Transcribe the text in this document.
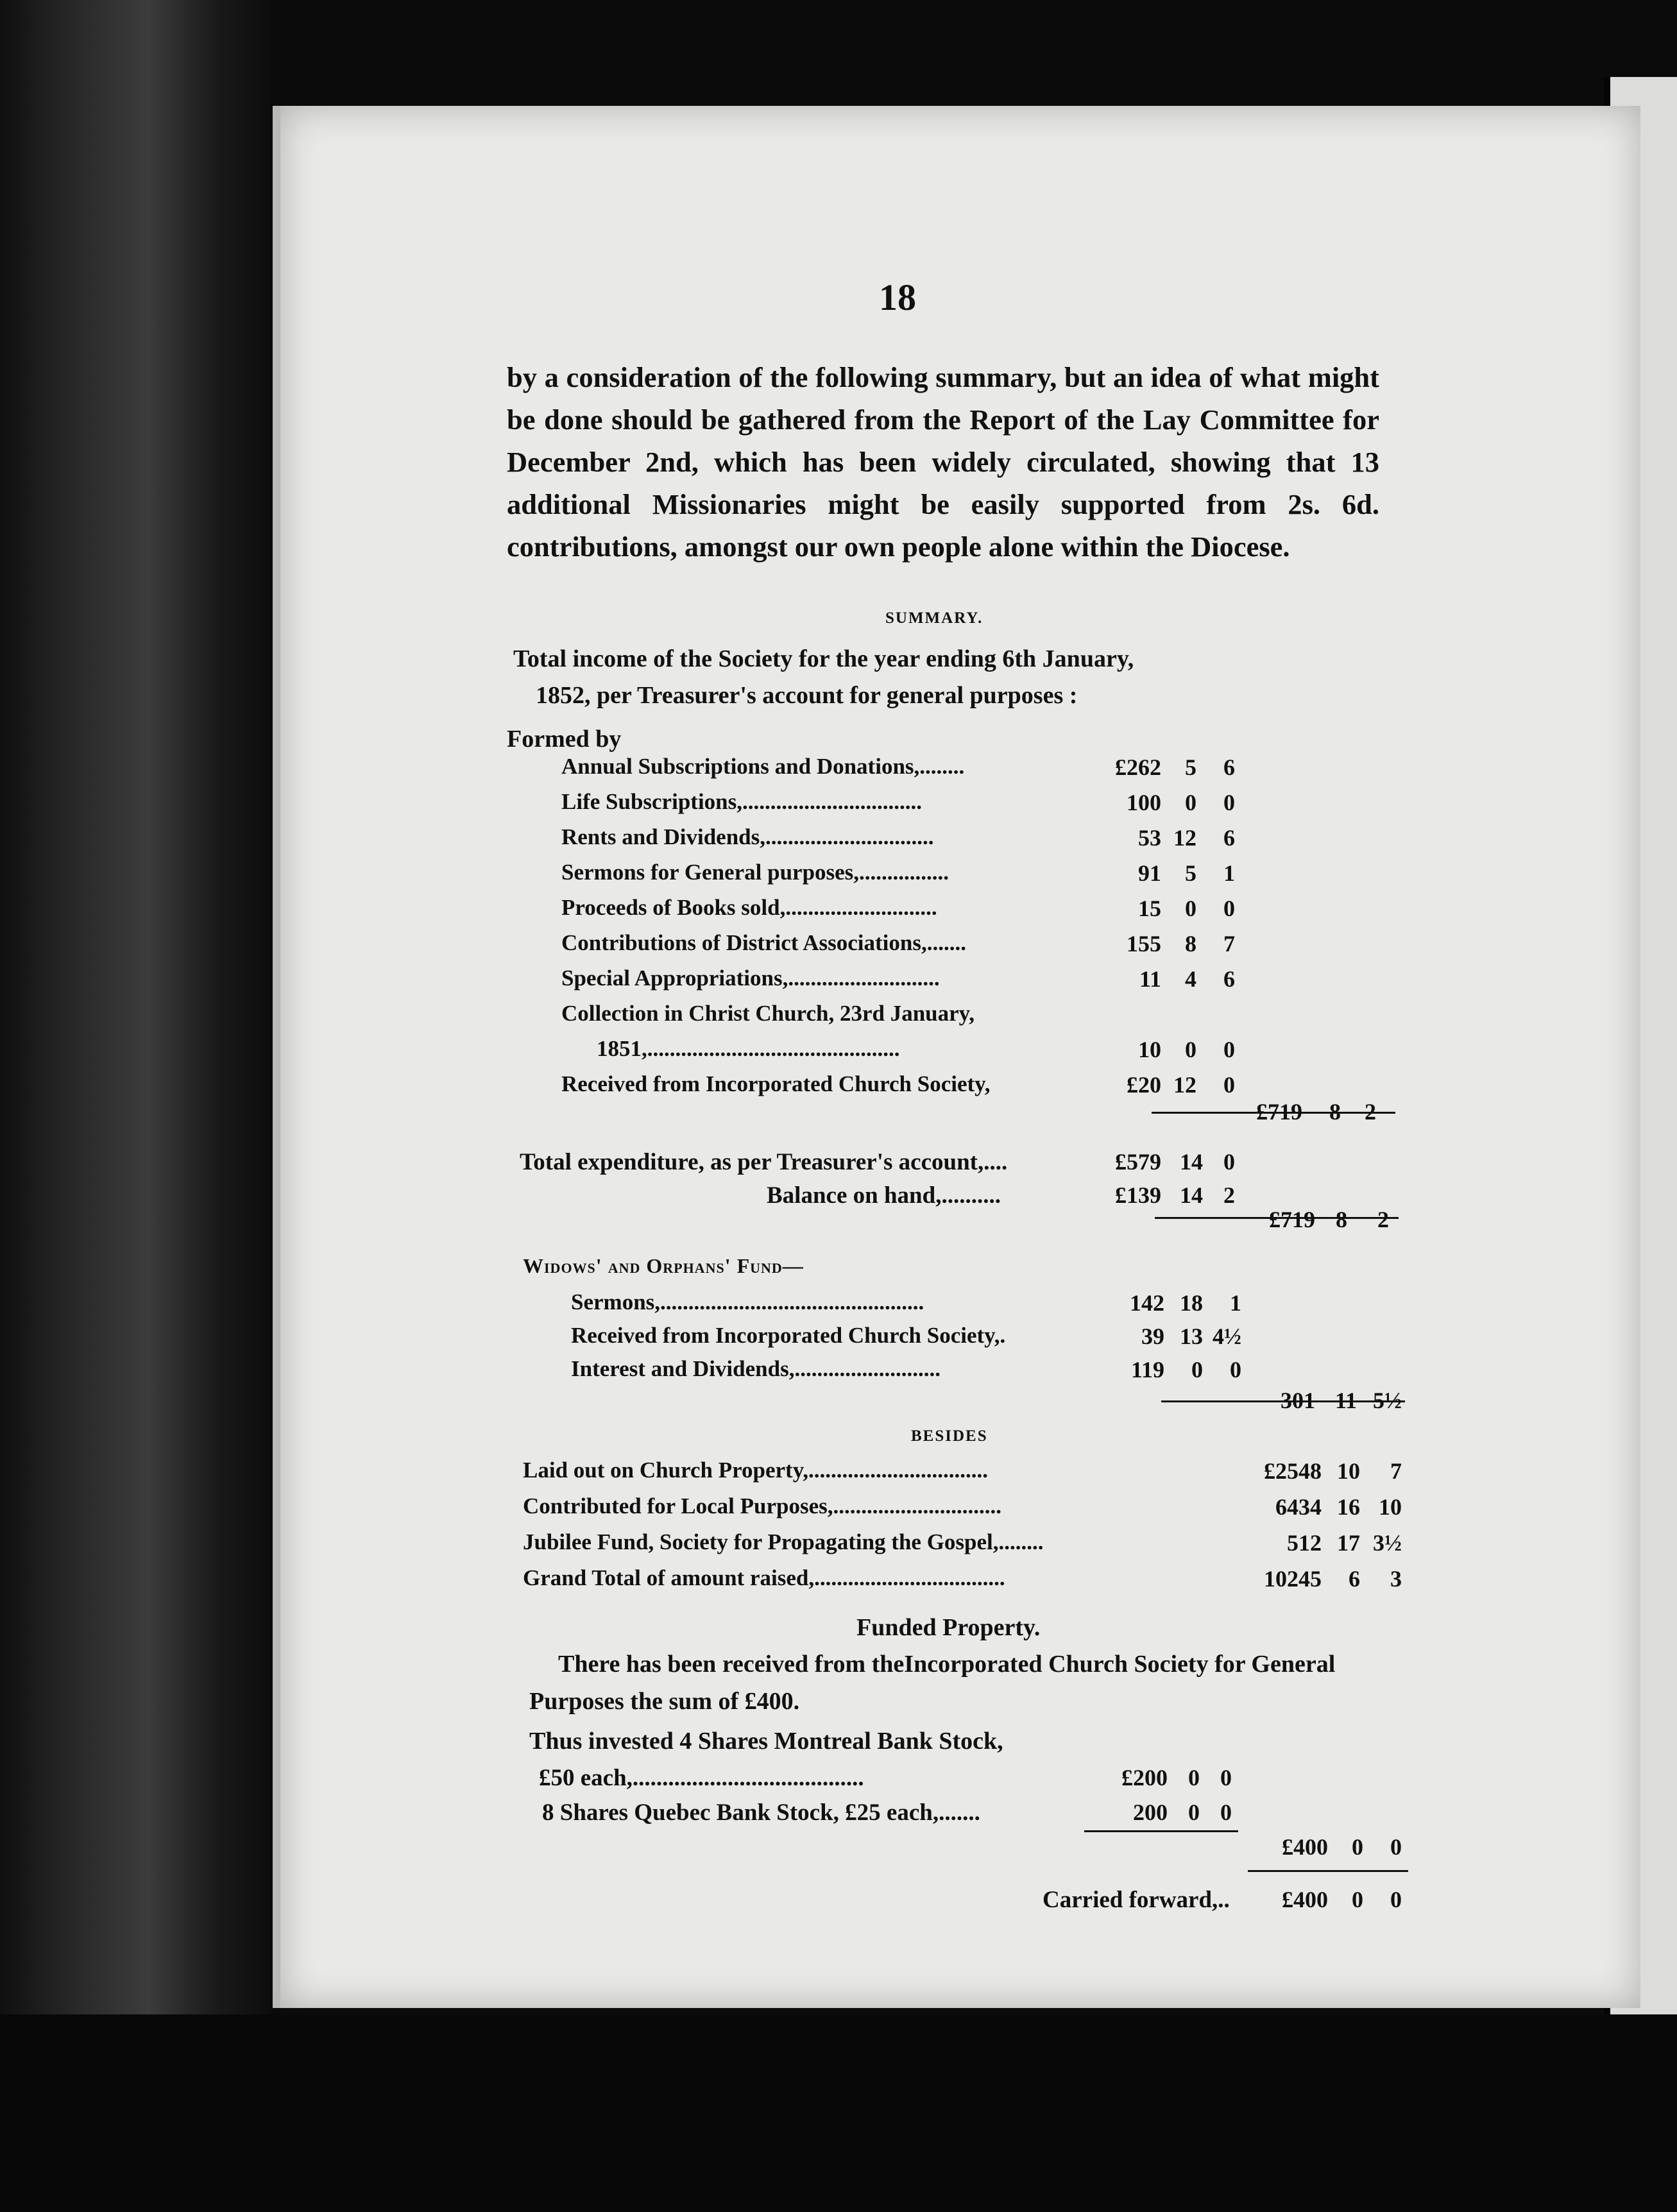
18
by a consideration of the following summary, but an idea of what might be done should be gathered from the Report of the Lay Committee for December 2nd, which has been widely circulated, showing that 13 additional Missionaries might be easily supported from 2s. 6d. contributions, amongst our own people alone within the Diocese.
SUMMARY.
Total income of the Society for the year ending 6th January,
1852, per Treasurer's account for general purposes :
Formed by
Annual Subscriptions and Donations,........	£262	5	6
Life Subscriptions,................................	100	0	0
Rents and Dividends,..............................	53 12	6
Sermons for General purposes,................	91	5	1
Proceeds of Books sold,...........................	15	0	0
Contributions of District Associations,.......	155	8	7
Special Appropriations,...........................	11	4	6
Collection in Christ Church, 23rd January,
1851,.............................................	10	0	0
Received from Incorporated Church Society,	£20 12	0
£719	8	2
Total expenditure, as per Treasurer's account,....	£579 14 0
Balance on hand,..........	£139 14 2
£719 8	2
Widows' and Orphans' Fund—
Sermons,...............................................	142 18	1
Received from Incorporated Church Society,.	39 13 4½
Interest and Dividends,..........................	119	0	0
301 11 5½
BESIDES
Laid out on Church Property,................................	£2548 10	7
Contributed for Local Purposes,..............................	6434 16 10
Jubilee Fund, Society for Propagating the Gospel,........	512 17 3½
Grand Total of amount raised,..................................	10245	6	3
Funded Property.
There has been received from theIncorporated Church Society for General
Purposes the sum of £400.
Thus invested 4 Shares Montreal Bank Stock,
£50 each,.......................................	£200 0 0
8 Shares Quebec Bank Stock, £25 each,.......	200 0 0
£400	0	0
Carried forward,..	£400	0	0
